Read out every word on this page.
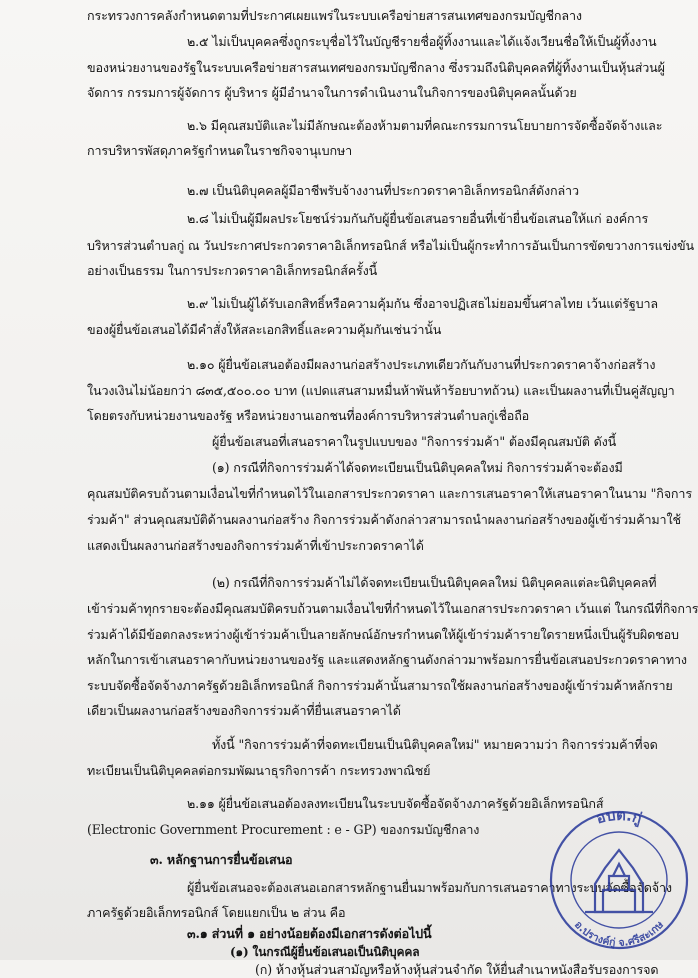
กระทรวงการคลังกำหนดตามที่ประกาศเผยแพร่ในระบบเครือข่ายสารสนเทศของกรมบัญชีกลาง
๒.๕ ไม่เป็นบุคคลซึ่งถูกระบุชื่อไว้ในบัญชีรายชื่อผู้ทิ้งงานและได้แจ้งเวียนชื่อให้เป็นผู้ทิ้งงาน
ของหน่วยงานของรัฐในระบบเครือข่ายสารสนเทศของกรมบัญชีกลาง ซึ่งรวมถึงนิติบุคคลที่ผู้ทิ้งงานเป็นหุ้นส่วนผู้
จัดการ กรรมการผู้จัดการ ผู้บริหาร ผู้มีอำนาจในการดำเนินงานในกิจการของนิติบุคคลนั้นด้วย
๒.๖ มีคุณสมบัติและไม่มีลักษณะต้องห้ามตามที่คณะกรรมการนโยบายการจัดซื้อจัดจ้างและ
การบริหารพัสดุภาครัฐกำหนดในราชกิจจานุเบกษา
๒.๗ เป็นนิติบุคคลผู้มีอาชีพรับจ้างงานที่ประกวดราคาอิเล็กทรอนิกส์ดังกล่าว
๒.๘ ไม่เป็นผู้มีผลประโยชน์ร่วมกันกับผู้ยื่นข้อเสนอรายอื่นที่เข้ายื่นข้อเสนอให้แก่ องค์การ
บริหารส่วนตำบลกู่ ณ วันประกาศประกวดราคาอิเล็กทรอนิกส์ หรือไม่เป็นผู้กระทำการอันเป็นการขัดขวางการแข่งขัน
อย่างเป็นธรรม ในการประกวดราคาอิเล็กทรอนิกส์ครั้งนี้
๒.๙ ไม่เป็นผู้ได้รับเอกสิทธิ์หรือความคุ้มกัน ซึ่งอาจปฏิเสธไม่ยอมขึ้นศาลไทย เว้นแต่รัฐบาล
ของผู้ยื่นข้อเสนอได้มีคำสั่งให้สละเอกสิทธิ์และความคุ้มกันเช่นว่านั้น
๒.๑๐ ผู้ยื่นข้อเสนอต้องมีผลงานก่อสร้างประเภทเดียวกันกับงานที่ประกวดราคาจ้างก่อสร้าง
ในวงเงินไม่น้อยกว่า ๘๓๕,๕๐๐.๐๐ บาท (แปดแสนสามหมื่นห้าพันห้าร้อยบาทถ้วน) และเป็นผลงานที่เป็นคู่สัญญา
โดยตรงกับหน่วยงานของรัฐ หรือหน่วยงานเอกชนที่องค์การบริหารส่วนตำบลกู่เชื่อถือ
ผู้ยื่นข้อเสนอที่เสนอราคาในรูปแบบของ "กิจการร่วมค้า" ต้องมีคุณสมบัติ ดังนี้
(๑) กรณีที่กิจการร่วมค้าได้จดทะเบียนเป็นนิติบุคคลใหม่ กิจการร่วมค้าจะต้องมี
คุณสมบัติครบถ้วนตามเงื่อนไขที่กำหนดไว้ในเอกสารประกวดราคา และการเสนอราคาให้เสนอราคาในนาม "กิจการ
ร่วมค้า" ส่วนคุณสมบัติด้านผลงานก่อสร้าง กิจการร่วมค้าดังกล่าวสามารถนำผลงานก่อสร้างของผู้เข้าร่วมค้ามาใช้
แสดงเป็นผลงานก่อสร้างของกิจการร่วมค้าที่เข้าประกวดราคาได้
(๒) กรณีที่กิจการร่วมค้าไม่ได้จดทะเบียนเป็นนิติบุคคลใหม่ นิติบุคคลแต่ละนิติบุคคลที่
เข้าร่วมค้าทุกรายจะต้องมีคุณสมบัติครบถ้วนตามเงื่อนไขที่กำหนดไว้ในเอกสารประกวดราคา เว้นแต่ ในกรณีที่กิจการ
ร่วมค้าได้มีข้อตกลงระหว่างผู้เข้าร่วมค้าเป็นลายลักษณ์อักษรกำหนดให้ผู้เข้าร่วมค้ารายใดรายหนึ่งเป็นผู้รับผิดชอบ
หลักในการเข้าเสนอราคากับหน่วยงานของรัฐ และแสดงหลักฐานดังกล่าวมาพร้อมการยื่นข้อเสนอประกวดราคาทาง
ระบบจัดซื้อจัดจ้างภาครัฐด้วยอิเล็กทรอนิกส์ กิจการร่วมค้านั้นสามารถใช้ผลงานก่อสร้างของผู้เข้าร่วมค้าหลักราย
เดียวเป็นผลงานก่อสร้างของกิจการร่วมค้าที่ยื่นเสนอราคาได้
ทั้งนี้ "กิจการร่วมค้าที่จดทะเบียนเป็นนิติบุคคลใหม่" หมายความว่า กิจการร่วมค้าที่จด
ทะเบียนเป็นนิติบุคคลต่อกรมพัฒนาธุรกิจการค้า กระทรวงพาณิชย์
๒.๑๑ ผู้ยื่นข้อเสนอต้องลงทะเบียนในระบบจัดซื้อจัดจ้างภาครัฐด้วยอิเล็กทรอนิกส์
(Electronic Government Procurement : e - GP) ของกรมบัญชีกลาง
๓. หลักฐานการยื่นข้อเสนอ
ผู้ยื่นข้อเสนอจะต้องเสนอเอกสารหลักฐานยื่นมาพร้อมกับการเสนอราคาทางระบบจัดซื้อจัดจ้าง
ภาครัฐด้วยอิเล็กทรอนิกส์ โดยแยกเป็น ๒ ส่วน คือ
๓.๑ ส่วนที่ ๑ อย่างน้อยต้องมีเอกสารดังต่อไปนี้
(๑) ในกรณีผู้ยื่นข้อเสนอเป็นนิติบุคคล
(ก) ห้างหุ้นส่วนสามัญหรือห้างหุ้นส่วนจำกัด ให้ยื่นสำเนาหนังสือรับรองการจด
อบต.กู่
อ.ปรางค์กู่ จ.ศรีสะเกษ
